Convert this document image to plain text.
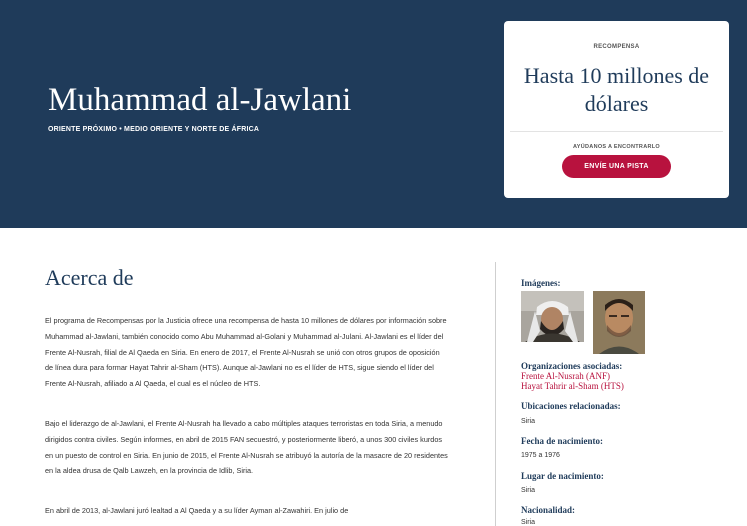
Muhammad al-Jawlani
ORIENTE PRÓXIMO • MEDIO ORIENTE Y NORTE DE ÁFRICA
RECOMPENSA
Hasta 10 millones de dólares
AYÚDANOS A ENCONTRARLO
ENVÍE UNA PISTA
Acerca de

El programa de Recompensas por la Justicia ofrece una recompensa de hasta 10 millones de dólares por información sobre Muhammad al-Jawlani, también conocido como Abu Muhammad al-Golani y Muhammad al-Julani. Al-Jawlani es el líder del Frente Al-Nusrah, filial de Al Qaeda en Siria. En enero de 2017, el Frente Al-Nusrah se unió con otros grupos de oposición de línea dura para formar Hayat Tahrir al-Sham (HTS). Aunque al-Jawlani no es el líder de HTS, sigue siendo el líder del Frente Al-Nusrah, afiliado a Al Qaeda, el cual es el núcleo de HTS.

Bajo el liderazgo de al-Jawlani, el Frente Al-Nusrah ha llevado a cabo múltiples ataques terroristas en toda Siria, a menudo dirigidos contra civiles. Según informes, en abril de 2015 FAN secuestró, y posteriormente liberó, a unos 300 civiles kurdos en un puesto de control en Siria. En junio de 2015, el Frente Al-Nusrah se atribuyó la autoría de la masacre de 20 residentes en la aldea drusa de Qalb Lawzeh, en la provincia de Idlib, Siria.

En abril de 2013, al-Jawlani juró lealtad a Al Qaeda y a su líder Ayman al-Zawahiri. En julio de

Imágenes:
Organizaciones asociadas:
Frente Al-Nusrah (ANF)
Hayat Tahrir al-Sham (HTS)
Ubicaciones relacionadas:
Siria
Fecha de nacimiento:
1975 a 1976
Lugar de nacimiento:
Siria
Nacionalidad:
Siria
